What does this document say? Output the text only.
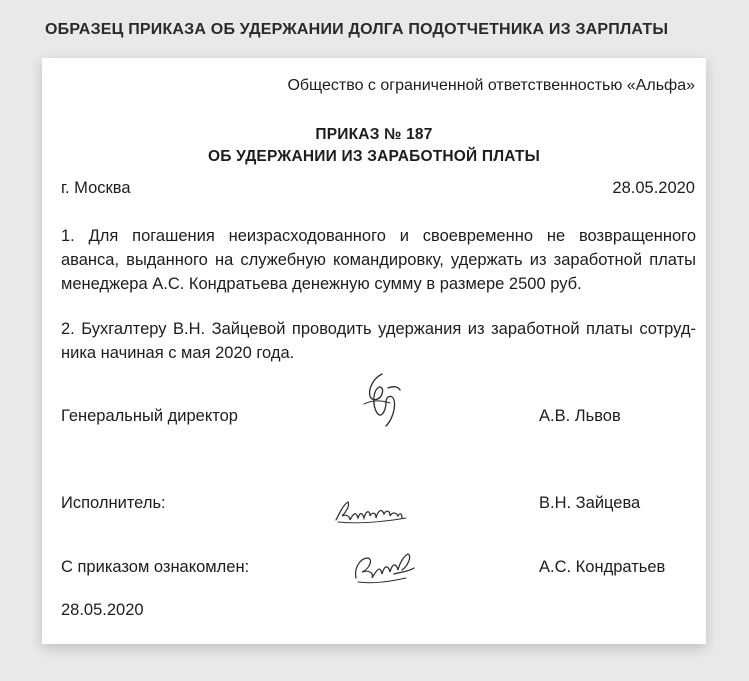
ОБРАЗЕЦ ПРИКАЗА ОБ УДЕРЖАНИИ ДОЛГА ПОДОТЧЕТНИКА ИЗ ЗАРПЛАТЫ
Общество с ограниченной ответственностью «Альфа»
ПРИКАЗ № 187
ОБ УДЕРЖАНИИ ИЗ ЗАРАБОТНОЙ ПЛАТЫ
г. Москва	28.05.2020
1. Для погашения неизрасходованного и своевременно не возвращенного
аванса, выданного на служебную командировку, удержать из заработной платы
менеджера А.С. Кондратьева денежную сумму в размере 2500 руб.
2. Бухгалтеру В.Н. Зайцевой проводить удержания из заработной платы сотруд-
ника начиная с мая 2020 года.
Генеральный директор	А.В. Львов
Исполнитель:	В.Н. Зайцева
С приказом ознакомлен:	А.С. Кондратьев
28.05.2020
